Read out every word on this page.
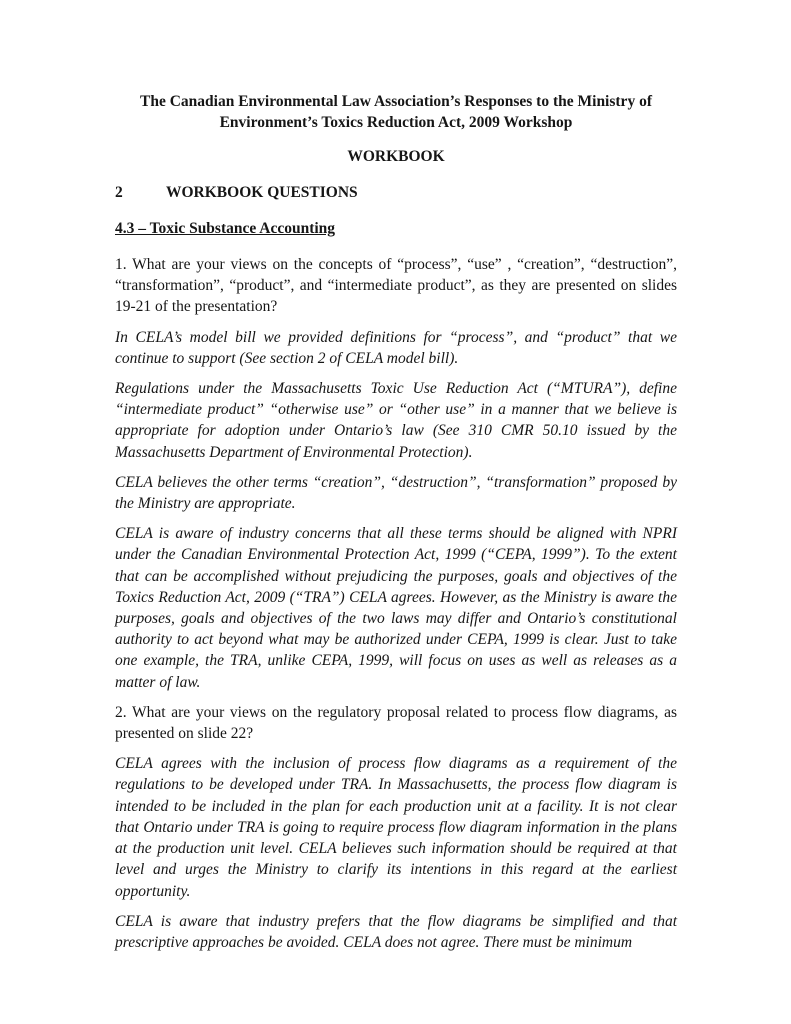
The Canadian Environmental Law Association’s Responses to the Ministry of Environment’s Toxics Reduction Act, 2009 Workshop

WORKBOOK

2	WORKBOOK QUESTIONS

4.3 – Toxic Substance Accounting

1. What are your views on the concepts of “process”, “use” , “creation”, “destruction”, “transformation”, “product”, and “intermediate product”, as they are presented on slides 19-21 of the presentation?

In CELA’s model bill we provided definitions for “process”, and “product” that we continue to support (See section 2 of CELA model bill).

Regulations under the Massachusetts Toxic Use Reduction Act (“MTURA”), define “intermediate product” “otherwise use” or “other use” in a manner that we believe is appropriate for adoption under Ontario’s law (See 310 CMR 50.10 issued by the Massachusetts Department of Environmental Protection).

CELA believes the other terms “creation”, “destruction”, “transformation” proposed by the Ministry are appropriate.

CELA is aware of industry concerns that all these terms should be aligned with NPRI under the Canadian Environmental Protection Act, 1999 (“CEPA, 1999”). To the extent that can be accomplished without prejudicing the purposes, goals and objectives of the Toxics Reduction Act, 2009 (“TRA”) CELA agrees. However, as the Ministry is aware the purposes, goals and objectives of the two laws may differ and Ontario’s constitutional authority to act beyond what may be authorized under CEPA, 1999 is clear. Just to take one example, the TRA, unlike CEPA, 1999, will focus on uses as well as releases as a matter of law.

2. What are your views on the regulatory proposal related to process flow diagrams, as presented on slide 22?

CELA agrees with the inclusion of process flow diagrams as a requirement of the regulations to be developed under TRA. In Massachusetts, the process flow diagram is intended to be included in the plan for each production unit at a facility. It is not clear that Ontario under TRA is going to require process flow diagram information in the plans at the production unit level. CELA believes such information should be required at that level and urges the Ministry to clarify its intentions in this regard at the earliest opportunity.

CELA is aware that industry prefers that the flow diagrams be simplified and that prescriptive approaches be avoided. CELA does not agree. There must be minimum
